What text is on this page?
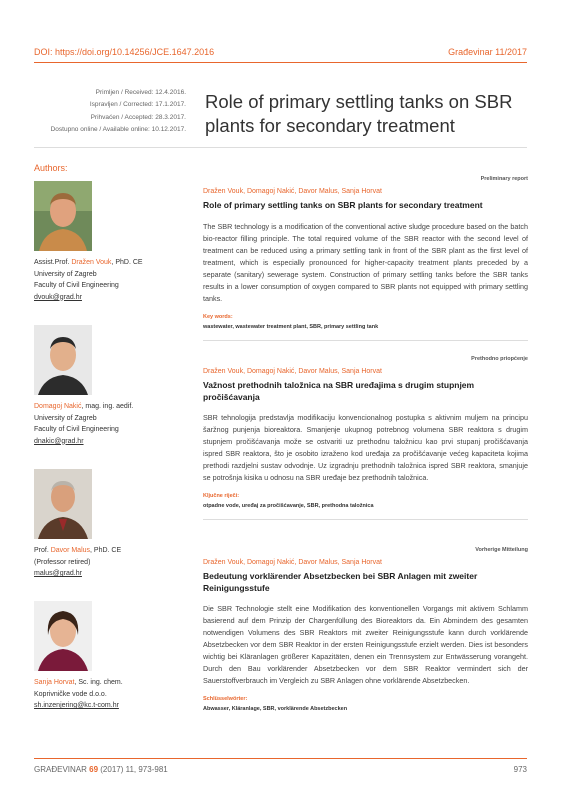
DOI: https://doi.org/10.14256/JCE.1647.2016	Građevinar 11/2017
Primljen / Received: 12.4.2016.
Ispravljen / Corrected: 17.1.2017.
Prihvaćen / Accepted: 28.3.2017.
Dostupno online / Available online: 10.12.2017.
Role of primary settling tanks on SBR plants for secondary treatment
Authors:
Assist.Prof. Dražen Vouk, PhD. CE
University of Zagreb
Faculty of Civil Engineering
dvouk@grad.hr
Domagoj Nakić, mag. ing. aedif.
University of Zagreb
Faculty of Civil Engineering
dnakic@grad.hr
Prof. Davor Malus, PhD. CE
(Professor retired)
malus@grad.hr
Sanja Horvat, Sc. ing. chem.
Koprivničke vode d.o.o.
sh.inzenjering@kc.t-com.hr
Preliminary report
Dražen Vouk, Domagoj Nakić, Davor Malus, Sanja Horvat
Role of primary settling tanks on SBR plants for secondary treatment
The SBR technology is a modification of the conventional active sludge procedure based on the batch bio-reactor filling principle. The total required volume of the SBR reactor with the second level of treatment can be reduced using a primary settling tank in front of the SBR plant as the first level of treatment, which is especially pronounced for higher-capacity treatment plants preceded by a separate (sanitary) sewerage system. Construction of primary settling tanks before the SBR tanks results in a lower consumption of oxygen compared to SBR plants not equipped with primary settling tanks.
Key words:
wastewater, wastewater treatment plant, SBR, primary settling tank
Prethodno priopćenje
Dražen Vouk, Domagoj Nakić, Davor Malus, Sanja Horvat
Važnost prethodnih taložnica na SBR uređajima s drugim stupnjem pročišćavanja
SBR tehnologija predstavlja modifikaciju konvencionalnog postupka s aktivnim muljem na principu šaržnog punjenja bioreaktora. Smanjenje ukupnog potrebnog volumena SBR reaktora s drugim stupnjem pročišćavanja može se ostvariti uz prethodnu taložnicu kao prvi stupanj pročišćavanja ispred SBR reaktora, što je osobito izraženo kod uređaja za pročišćavanje većeg kapaciteta kojima prethodi razdjelni sustav odvodnje. Uz izgradnju prethodnih taložnica ispred SBR reaktora, smanjuje se potrošnja kisika u odnosu na SBR uređaje bez prethodnih taložnica.
Ključne riječi:
otpadne vode, uređaj za pročišćavanje, SBR, prethodna taložnica
Vorherige Mitteilung
Dražen Vouk, Domagoj Nakić, Davor Malus, Sanja Horvat
Bedeutung vorklärender Absetzbecken bei SBR Anlagen mit zweiter Reinigungsstufe
Die SBR Technologie stellt eine Modifikation des konventionellen Vorgangs mit aktivem Schlamm basierend auf dem Prinzip der Chargenfüllung des Bioreaktors da. Ein Abmindern des gesamten notwendigen Volumens des SBR Reaktors mit zweiter Reinigungsstufe kann durch vorklärende Absetzbecken vor dem SBR Reaktor in der ersten Reinigungsstufe erzielt werden. Dies ist besonders wichtig bei Kläranlagen größerer Kapazitäten, denen ein Trennsystem zur Entwässerung vorangeht. Durch den Bau vorklärender Absetzbecken vor dem SBR Reaktor vermindert sich der Sauerstoffverbrauch im Vergleich zu SBR Anlagen ohne vorklärende Absetzbecken.
Schlüsselwörter:
Abwasser, Kläranlage, SBR, vorklärende Absetzbecken
GRAĐEVINAR 69 (2017) 11, 973-981	973
